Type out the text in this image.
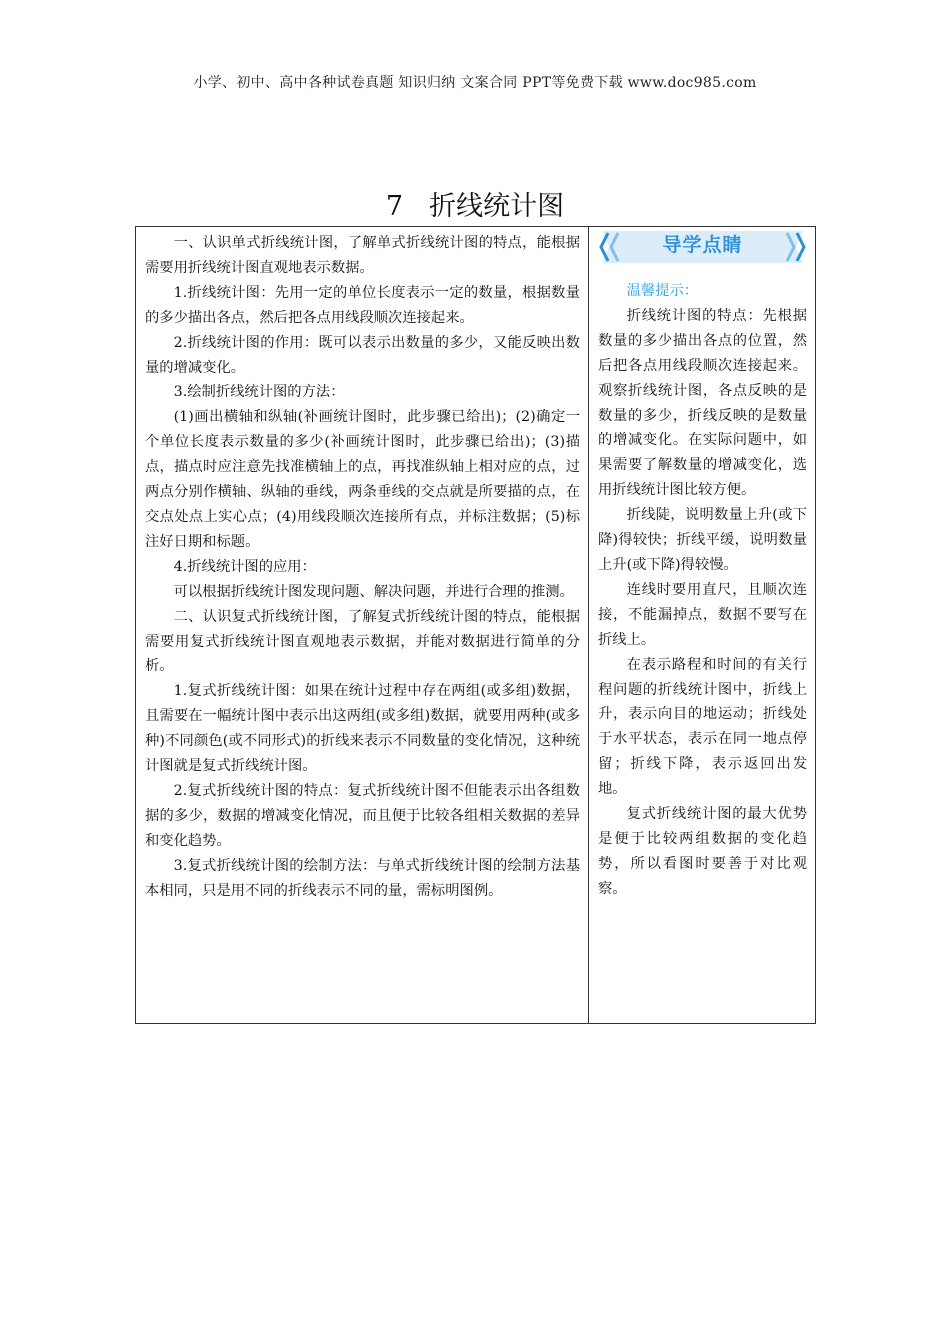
小学、初中、高中各种试卷真题 知识归纳 文案合同 PPT等免费下载 www.doc985.com
7 折线统计图

一、认识单式折线统计图，了解单式折线统计图的特点，能根据需要用折线统计图直观地表示数据。

1.折线统计图：先用一定的单位长度表示一定的数量，根据数量的多少描出各点，然后把各点用线段顺次连接起来。

2.折线统计图的作用：既可以表示出数量的多少，又能反映出数量的增减变化。

3.绘制折线统计图的方法：

(1)画出横轴和纵轴(补画统计图时，此步骤已给出)；(2)确定一个单位长度表示数量的多少(补画统计图时，此步骤已给出)；(3)描点，描点时应注意先找准横轴上的点，再找准纵轴上相对应的点，过两点分别作横轴、纵轴的垂线，两条垂线的交点就是所要描的点，在交点处点上实心点；(4)用线段顺次连接所有点，并标注数据；(5)标注好日期和标题。

4.折线统计图的应用：

可以根据折线统计图发现问题、解决问题，并进行合理的推测。

二、认识复式折线统计图，了解复式折线统计图的特点，能根据需要用复式折线统计图直观地表示数据，并能对数据进行简单的分析。

1.复式折线统计图：如果在统计过程中存在两组(或多组)数据，且需要在一幅统计图中表示出这两组(或多组)数据，就要用两种(或多种)不同颜色(或不同形式)的折线来表示不同数量的变化情况，这种统计图就是复式折线统计图。

2.复式折线统计图的特点：复式折线统计图不但能表示出各组数据的多少，数据的增减变化情况，而且便于比较各组相关数据的差异和变化趋势。

3.复式折线统计图的绘制方法：与单式折线统计图的绘制方法基本相同，只是用不同的折线表示不同的量，需标明图例。

导学点睛
温馨提示：

折线统计图的特点：先根据数量的多少描出各点的位置，然后把各点用线段顺次连接起来。观察折线统计图，各点反映的是数量的多少，折线反映的是数量的增减变化。在实际问题中，如果需要了解数量的增减变化，选用折线统计图比较方便。

折线陡，说明数量上升(或下降)得较快；折线平缓，说明数量上升(或下降)得较慢。

连线时要用直尺，且顺次连接，不能漏掉点，数据不要写在折线上。

在表示路程和时间的有关行程问题的折线统计图中，折线上升，表示向目的地运动；折线处于水平状态，表示在同一地点停留；折线下降，表示返回出发地。

复式折线统计图的最大优势是便于比较两组数据的变化趋势，所以看图时要善于对比观察。
